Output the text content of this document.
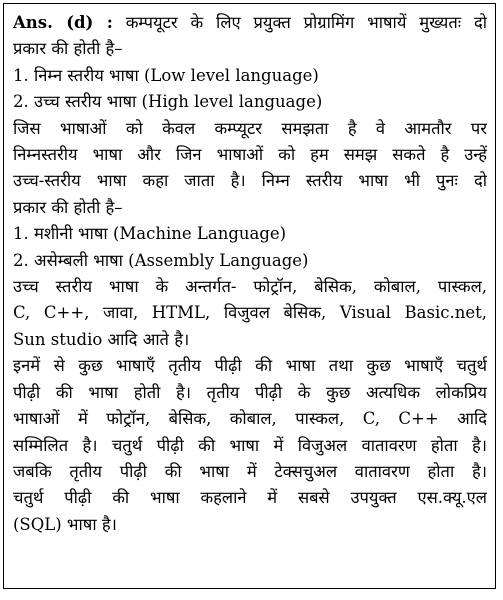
Ans. (d) : कम्पयूटर के लिए प्रयुक्त प्रोग्रामिंग भाषायें मुख्यतः दो
प्रकार की होती है–
1. निम्न स्तरीय भाषा (Low level language)
2. उच्च स्तरीय भाषा (High level language)
जिस भाषाओं को केवल कम्प्यूटर समझता है वे आमतौर पर
निम्नस्तरीय भाषा और जिन भाषाओं को हम समझ सकते है उन्हें
उच्च-स्तरीय भाषा कहा जाता है। निम्न स्तरीय भाषा भी पुनः दो
प्रकार की होती है–
1. मशीनी भाषा (Machine Language)
2. असेम्बली भाषा (Assembly Language)
उच्च स्तरीय भाषा के अन्तर्गत- फोट्रॉन, बेसिक, कोबाल, पास्कल,
C, C++, जावा, HTML, विजुवल बेसिक, Visual Basic.net,
Sun studio आदि आते है।
इनमें से कुछ भाषाएँ तृतीय पीढ़ी की भाषा तथा कुछ भाषाएँ चतुर्थ
पीढ़ी की भाषा होती है। तृतीय पीढ़ी के कुछ अत्यधिक लोकप्रिय
भाषाओं में फोट्रॉन, बेसिक, कोबाल, पास्कल, C, C++ आदि
सम्मिलित है। चतुर्थ पीढ़ी की भाषा में विजुअल वातावरण होता है।
जबकि तृतीय पीढ़ी की भाषा में टेक्सचुअल वातावरण होता है।
चतुर्थ पीढ़ी की भाषा कहलाने में सबसे उपयुक्त एस.क्यू.एल
(SQL) भाषा है।
